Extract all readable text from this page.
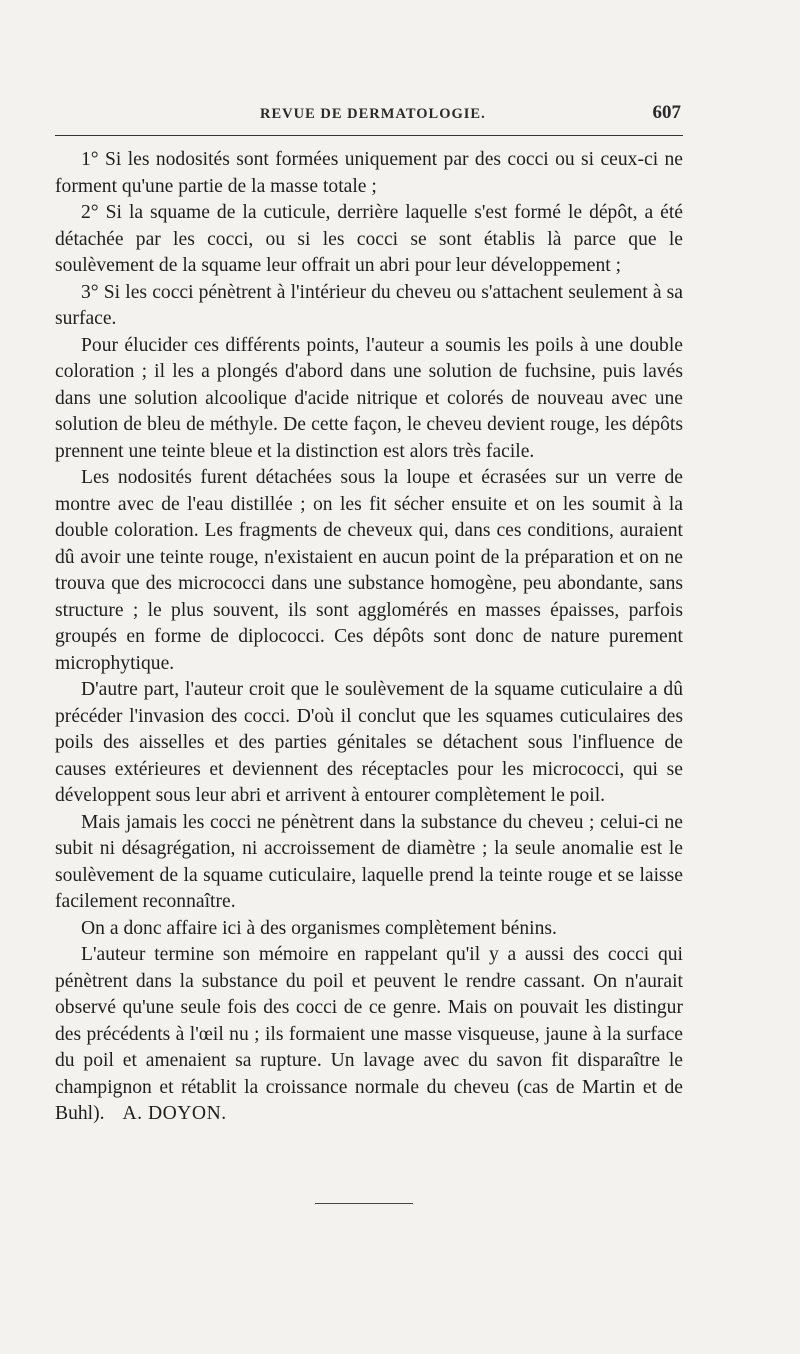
REVUE DE DERMATOLOGIE.	607

1° Si les nodosités sont formées uniquement par des cocci ou si ceux-ci ne forment qu'une partie de la masse totale ;

2° Si la squame de la cuticule, derrière laquelle s'est formé le dépôt, a été détachée par les cocci, ou si les cocci se sont établis là parce que le soulèvement de la squame leur offrait un abri pour leur développement ;

3° Si les cocci pénètrent à l'intérieur du cheveu ou s'attachent seulement à sa surface.

Pour élucider ces différents points, l'auteur a soumis les poils à une double coloration ; il les a plongés d'abord dans une solution de fuchsine, puis lavés dans une solution alcoolique d'acide nitrique et colorés de nouveau avec une solution de bleu de méthyle. De cette façon, le cheveu devient rouge, les dépôts prennent une teinte bleue et la distinction est alors très facile.

Les nodosités furent détachées sous la loupe et écrasées sur un verre de montre avec de l'eau distillée ; on les fit sécher ensuite et on les soumit à la double coloration. Les fragments de cheveux qui, dans ces conditions, auraient dû avoir une teinte rouge, n'existaient en aucun point de la préparation et on ne trouva que des micrococci dans une substance homogène, peu abondante, sans structure ; le plus souvent, ils sont agglomérés en masses épaisses, parfois groupés en forme de diplococci. Ces dépôts sont donc de nature purement microphytique.

D'autre part, l'auteur croit que le soulèvement de la squame cuticulaire a dû précéder l'invasion des cocci. D'où il conclut que les squames cuticulaires des poils des aisselles et des parties génitales se détachent sous l'influence de causes extérieures et deviennent des réceptacles pour les micrococci, qui se développent sous leur abri et arrivent à entourer complètement le poil.

Mais jamais les cocci ne pénètrent dans la substance du cheveu ; celui-ci ne subit ni désagrégation, ni accroissement de diamètre ; la seule anomalie est le soulèvement de la squame cuticulaire, laquelle prend la teinte rouge et se laisse facilement reconnaître.

On a donc affaire ici à des organismes complètement bénins.

L'auteur termine son mémoire en rappelant qu'il y a aussi des cocci qui pénètrent dans la substance du poil et peuvent le rendre cassant. On n'aurait observé qu'une seule fois des cocci de ce genre. Mais on pouvait les distingur des précédents à l'œil nu ; ils formaient une masse visqueuse, jaune à la surface du poil et amenaient sa rupture. Un lavage avec du savon fit disparaître le champignon et rétablit la croissance normale du cheveu (cas de Martin et de Buhl). A. DOYON.
